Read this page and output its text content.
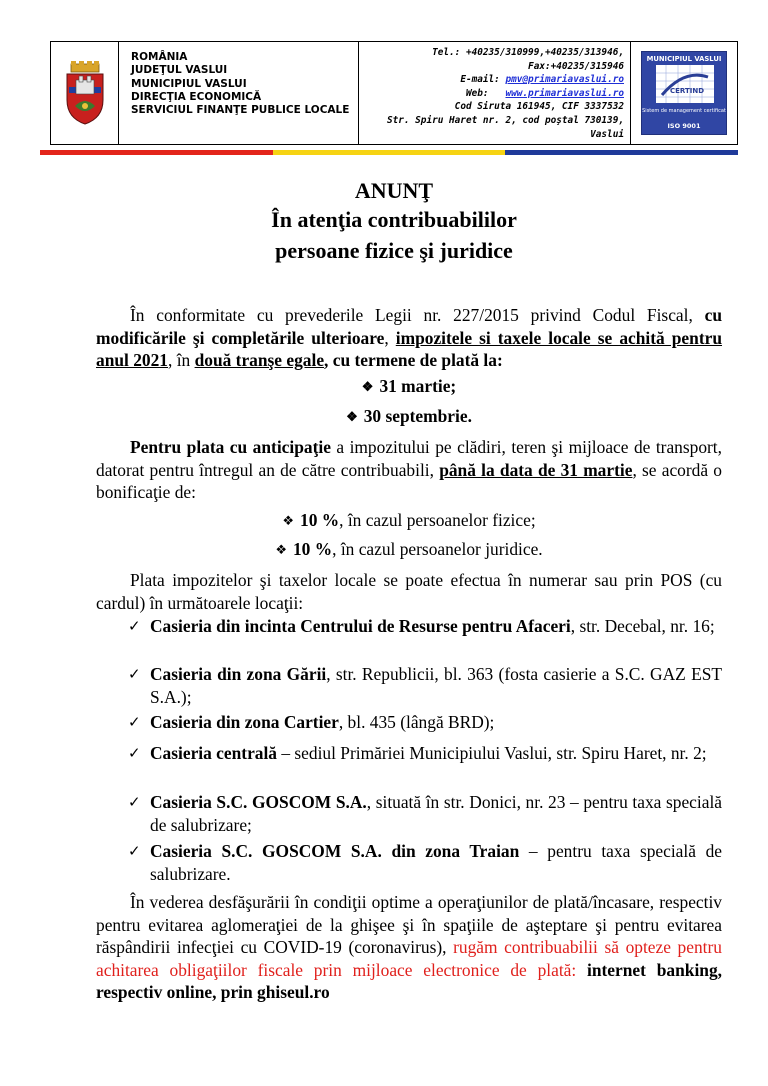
ROMÂNIA
JUDEŢUL VASLUI
MUNICIPIUL VASLUI
DIRECŢIA ECONOMICĂ
SERVICIUL FINANŢE PUBLICE LOCALE
Tel.: +40235/310999,+40235/313946,
Fax:+40235/315946
E-mail: pmv@primariavaslui.ro
Web:   www.primariavaslui.ro
Cod Siruta 161945, CIF 3337532
Str. Spiru Haret nr. 2, cod poştal 730139, Vaslui
MUNICIPIUL VASLUI
CERTIND
Sistem de management certificat
ISO 9001
ANUNŢ
În atenţia contribuabililor
persoane fizice şi juridice
În conformitate cu prevederile Legii nr. 227/2015 privind Codul Fiscal, cu modificările şi completările ulterioare, impozitele si taxele locale se achită pentru anul 2021, în două tranşe egale, cu termene de plată la:
❖ 31 martie;
❖ 30 septembrie.
Pentru plata cu anticipaţie a impozitului pe clădiri, teren şi mijloace de transport, datorat pentru întregul an de către contribuabili, până la data de 31 martie, se acordă o bonificaţie de:
❖ 10 %, în cazul persoanelor fizice;
❖ 10 %, în cazul persoanelor juridice.
Plata impozitelor şi taxelor locale se poate efectua în numerar sau prin POS (cu cardul) în următoarele locaţii:
✓ Casieria din incinta Centrului de Resurse pentru Afaceri, str. Decebal, nr. 16;
✓ Casieria din zona Gării, str. Republicii, bl. 363 (fosta casierie a S.C. GAZ EST S.A.);
✓ Casieria din zona Cartier, bl. 435 (lângă BRD);
✓ Casieria centrală – sediul Primăriei Municipiului Vaslui, str. Spiru Haret, nr. 2;
✓ Casieria S.C. GOSCOM S.A., situată în str. Donici, nr. 23 – pentru taxa specială de salubrizare;
✓ Casieria S.C. GOSCOM S.A. din zona Traian – pentru taxa specială de salubrizare.
În vederea desfăşurării în condiţii optime a operaţiunilor de plată/încasare, respectiv pentru evitarea aglomeraţiei de la ghişee şi în spaţiile de aşteptare şi pentru evitarea răspândirii infecţiei cu COVID-19 (coronavirus), rugăm contribuabilii să opteze pentru achitarea obligaţiilor fiscale prin mijloace electronice de plată: internet banking, respectiv online, prin ghiseul.ro
